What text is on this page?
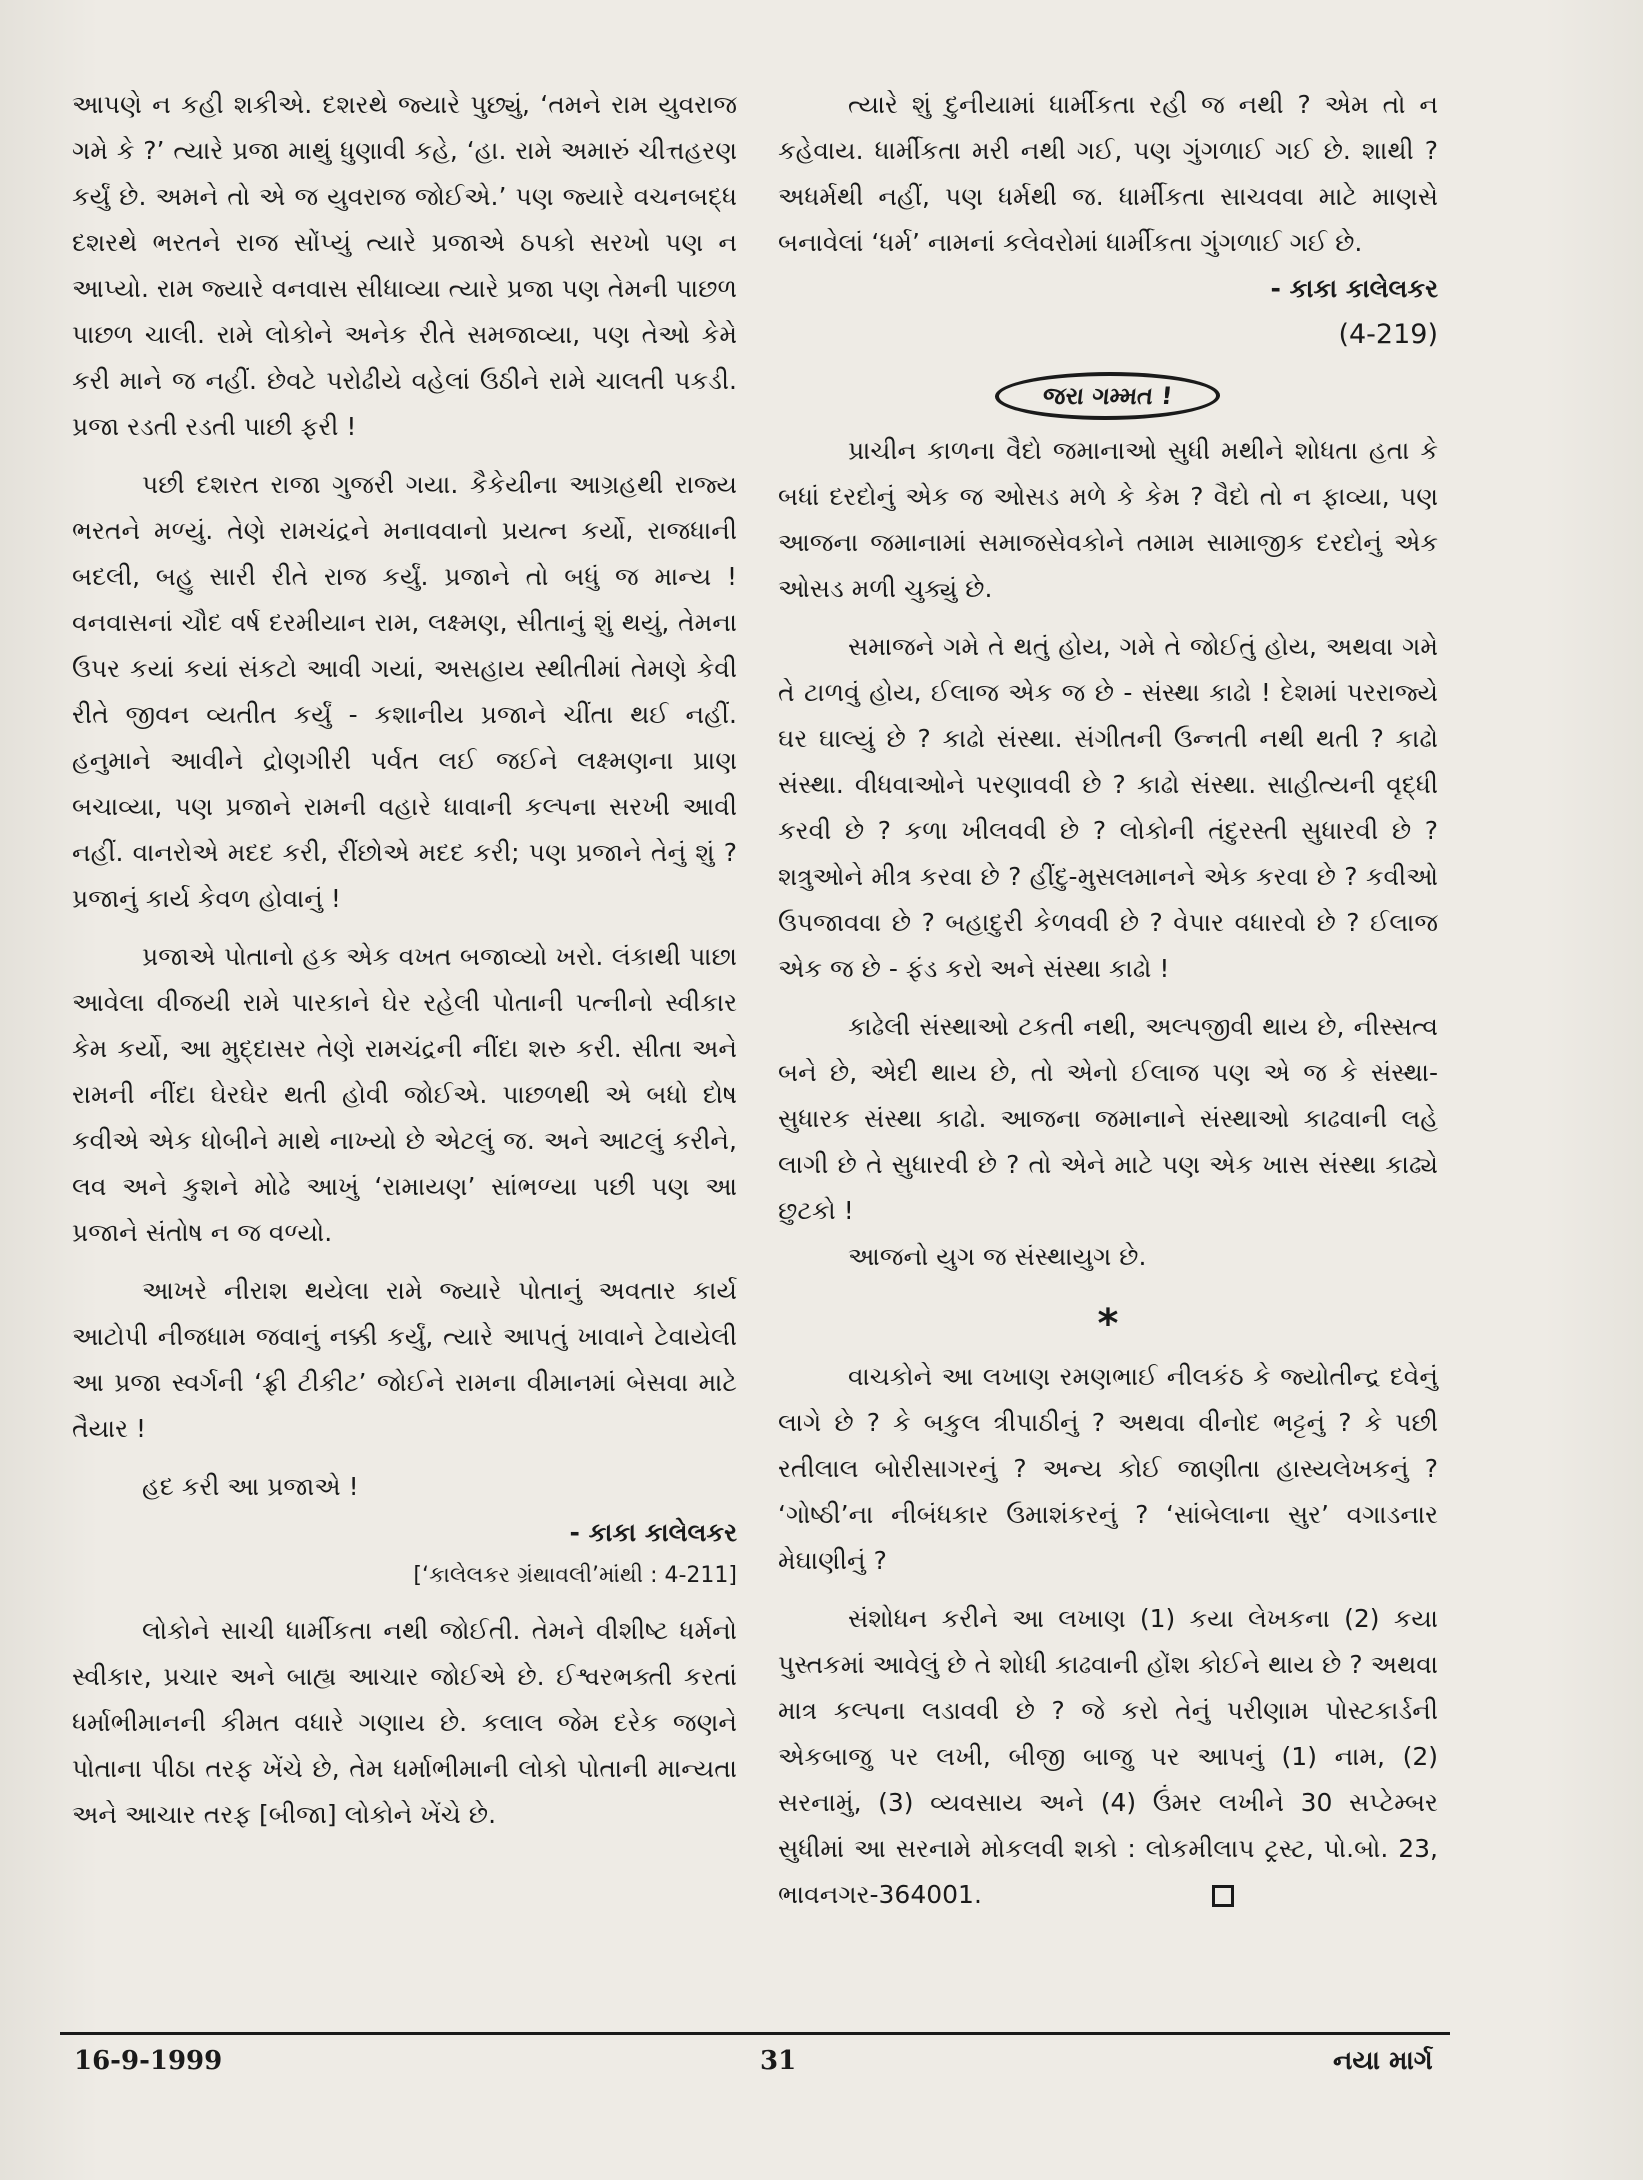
આપણે ન કહી શકીએ. દશરથે જ્યારે પુછ્યું, ‘તમને રામ યુવરાજ ગમે કે ?’ ત્યારે પ્રજા માથું ધુણાવી કહે, ‘હા. રામે અમારું ચીત્તહરણ કર્યું છે. અમને તો એ જ યુવરાજ જોઈએ.’ પણ જ્યારે વચનબદ્ધ દશરથે ભરતને રાજ સોંપ્યું ત્યારે પ્રજાએ ઠપકો સરખો પણ ન આપ્યો. રામ જ્યારે વનવાસ સીધાવ્યા ત્યારે પ્રજા પણ તેમની પાછળ પાછળ ચાલી. રામે લોકોને અનેક રીતે સમજાવ્યા, પણ તેઓ કેમે કરી માને જ નહીં. છેવટે પરોઢીયે વહેલાં ઉઠીને રામે ચાલતી પકડી. પ્રજા રડતી રડતી પાછી ફરી !

પછી દશરત રાજા ગુજરી ગયા. કૈકેયીના આગ્રહથી રાજ્ય ભરતને મળ્યું. તેણે રામચંદ્રને મનાવવાનો પ્રયત્ન કર્યો, રાજધાની બદલી, બહુ સારી રીતે રાજ કર્યું. પ્રજાને તો બધું જ માન્ય ! વનવાસનાં ચૌદ વર્ષ દરમીયાન રામ, લક્ષ્મણ, સીતાનું શું થયું, તેમના ઉપર કયાં કયાં સંકટો આવી ગયાં, અસહાય સ્થીતીમાં તેમણે કેવી રીતે જીવન વ્યતીત કર્યું - કશાનીય પ્રજાને ચીંતા થઈ નહીં. હનુમાને આવીને દ્રોણગીરી પર્વત લઈ જઈને લક્ષ્મણના પ્રાણ બચાવ્યા, પણ પ્રજાને રામની વહારે ધાવાની કલ્પના સરખી આવી નહીં. વાનરોએ મદદ કરી, રીંછોએ મદદ કરી; પણ પ્રજાને તેનું શું ? પ્રજાનું કાર્ય કેવળ હોવાનું !

પ્રજાએ પોતાનો હક એક વખત બજાવ્યો ખરો. લંકાથી પાછા આવેલા વીજયી રામે પારકાને ઘેર રહેલી પોતાની પત્નીનો સ્વીકાર કેમ કર્યો, આ મુદ્દાસર તેણે રામચંદ્રની નીંદા શરુ કરી. સીતા અને રામની નીંદા ઘેરઘેર થતી હોવી જોઈએ. પાછળથી એ બધો દોષ કવીએ એક ધોબીને માથે નાખ્યો છે એટલું જ. અને આટલું કરીને, લવ અને કુશને મોઢે આખું ‘રામાયણ’ સાંભળ્યા પછી પણ આ પ્રજાને સંતોષ ન જ વળ્યો.

આખરે નીરાશ થયેલા રામે જ્યારે પોતાનું અવતાર કાર્ય આટોપી નીજધામ જવાનું નક્કી કર્યું, ત્યારે આપતું ખાવાને ટેવાયેલી આ પ્રજા સ્વર્ગની ‘ફ્રી ટીકીટ’ જોઈને રામના વીમાનમાં બેસવા માટે તૈયાર !

હદ કરી આ પ્રજાએ !

- કાકા કાલેલકર

[‘કાલેલકર ગ્રંથાવલી’માંથી : 4-211]

લોકોને સાચી ધાર્મીકતા નથી જોઈતી. તેમને વીશીષ્ટ ધર્મનો સ્વીકાર, પ્રચાર અને બાહ્ય આચાર જોઈએ છે. ઈશ્વરભક્તી કરતાં ધર્માભીમાનની કીમત વધારે ગણાય છે. કલાલ જેમ દરેક જણને પોતાના પીઠા તરફ ખેંચે છે, તેમ ધર્માભીમાની લોકો પોતાની માન્યતા અને આચાર તરફ [બીજા] લોકોને ખેંચે છે.

ત્યારે શું દુનીયામાં ધાર્મીકતા રહી જ નથી ? એમ તો ન કહેવાય. ધાર્મીકતા મરી નથી ગઈ, પણ ગુંગળાઈ ગઈ છે. શાથી ? અધર્મથી નહીં, પણ ધર્મથી જ. ધાર્મીકતા સાચવવા માટે માણસે બનાવેલાં ‘ધર્મ’ નામનાં કલેવરોમાં ધાર્મીકતા ગુંગળાઈ ગઈ છે.

- કાકા કાલેલકર

(4-219)

જરા ગમ્મત !

પ્રાચીન કાળના વૈદો જમાનાઓ સુધી મથીને શોધતા હતા કે બધાં દરદોનું એક જ ઓસડ મળે કે કેમ ? વૈદો તો ન ફાવ્યા, પણ આજના જમાનામાં સમાજસેવકોને તમામ સામાજીક દરદોનું એક ઓસડ મળી ચુક્યું છે.

સમાજને ગમે તે થતું હોય, ગમે તે જોઈતું હોય, અથવા ગમે તે ટાળવું હોય, ઈલાજ એક જ છે - સંસ્થા કાઢો ! દેશમાં પરરાજ્યે ઘર ઘાલ્યું છે ? કાઢો સંસ્થા. સંગીતની ઉન્નતી નથી થતી ? કાઢો સંસ્થા. વીધવાઓને પરણાવવી છે ? કાઢો સંસ્થા. સાહીત્યની વૃદ્ધી કરવી છે ? કળા ખીલવવી છે ? લોકોની તંદુરસ્તી સુધારવી છે ? શત્રુઓને મીત્ર કરવા છે ? હીંદુ-મુસલમાનને એક કરવા છે ? કવીઓ ઉપજાવવા છે ? બહાદુરી કેળવવી છે ? વેપાર વધારવો છે ? ઈલાજ એક જ છે - ફંડ કરો અને સંસ્થા કાઢો !

કાઢેલી સંસ્થાઓ ટકતી નથી, અલ્પજીવી થાય છે, નીસ્સત્વ બને છે, એદી થાય છે, તો એનો ઈલાજ પણ એ જ કે સંસ્થા-સુધારક સંસ્થા કાઢો. આજના જમાનાને સંસ્થાઓ કાઢવાની લહે લાગી છે તે સુધારવી છે ? તો એને માટે પણ એક ખાસ સંસ્થા કાઢ્યે છુટકો !

આજનો યુગ જ સંસ્થાયુગ છે.

*

વાચકોને આ લખાણ રમણભાઈ નીલકંઠ કે જ્યોતીન્દ્ર દવેનું લાગે છે ? કે બકુલ ત્રીપાઠીનું ? અથવા વીનોદ ભટ્ટનું ? કે પછી રતીલાલ બોરીસાગરનું ? અન્ય કોઈ જાણીતા હાસ્યલેખકનું ? ‘ગોષ્ઠી’ના નીબંધકાર ઉમાશંકરનું ? ‘સાંબેલાના સુર’ વગાડનાર મેઘાણીનું ?

સંશોધન કરીને આ લખાણ (1) કયા લેખકના (2) કયા પુસ્તકમાં આવેલું છે તે શોધી કાઢવાની હોંશ કોઈને થાય છે ? અથવા માત્ર કલ્પના લડાવવી છે ? જે કરો તેનું પરીણામ પોસ્ટકાર્ડની એકબાજુ પર લખી, બીજી બાજુ પર આપનું (1) નામ, (2) સરનામું, (3) વ્યવસાય અને (4) ઉંમર લખીને 30 સપ્ટેમ્બર સુધીમાં આ સરનામે મોકલવી શકો : લોકમીલાપ ટ્રસ્ટ, પો.બો. 23, ભાવનગર-364001.

16-9-1999	31	નયા માર્ગ
